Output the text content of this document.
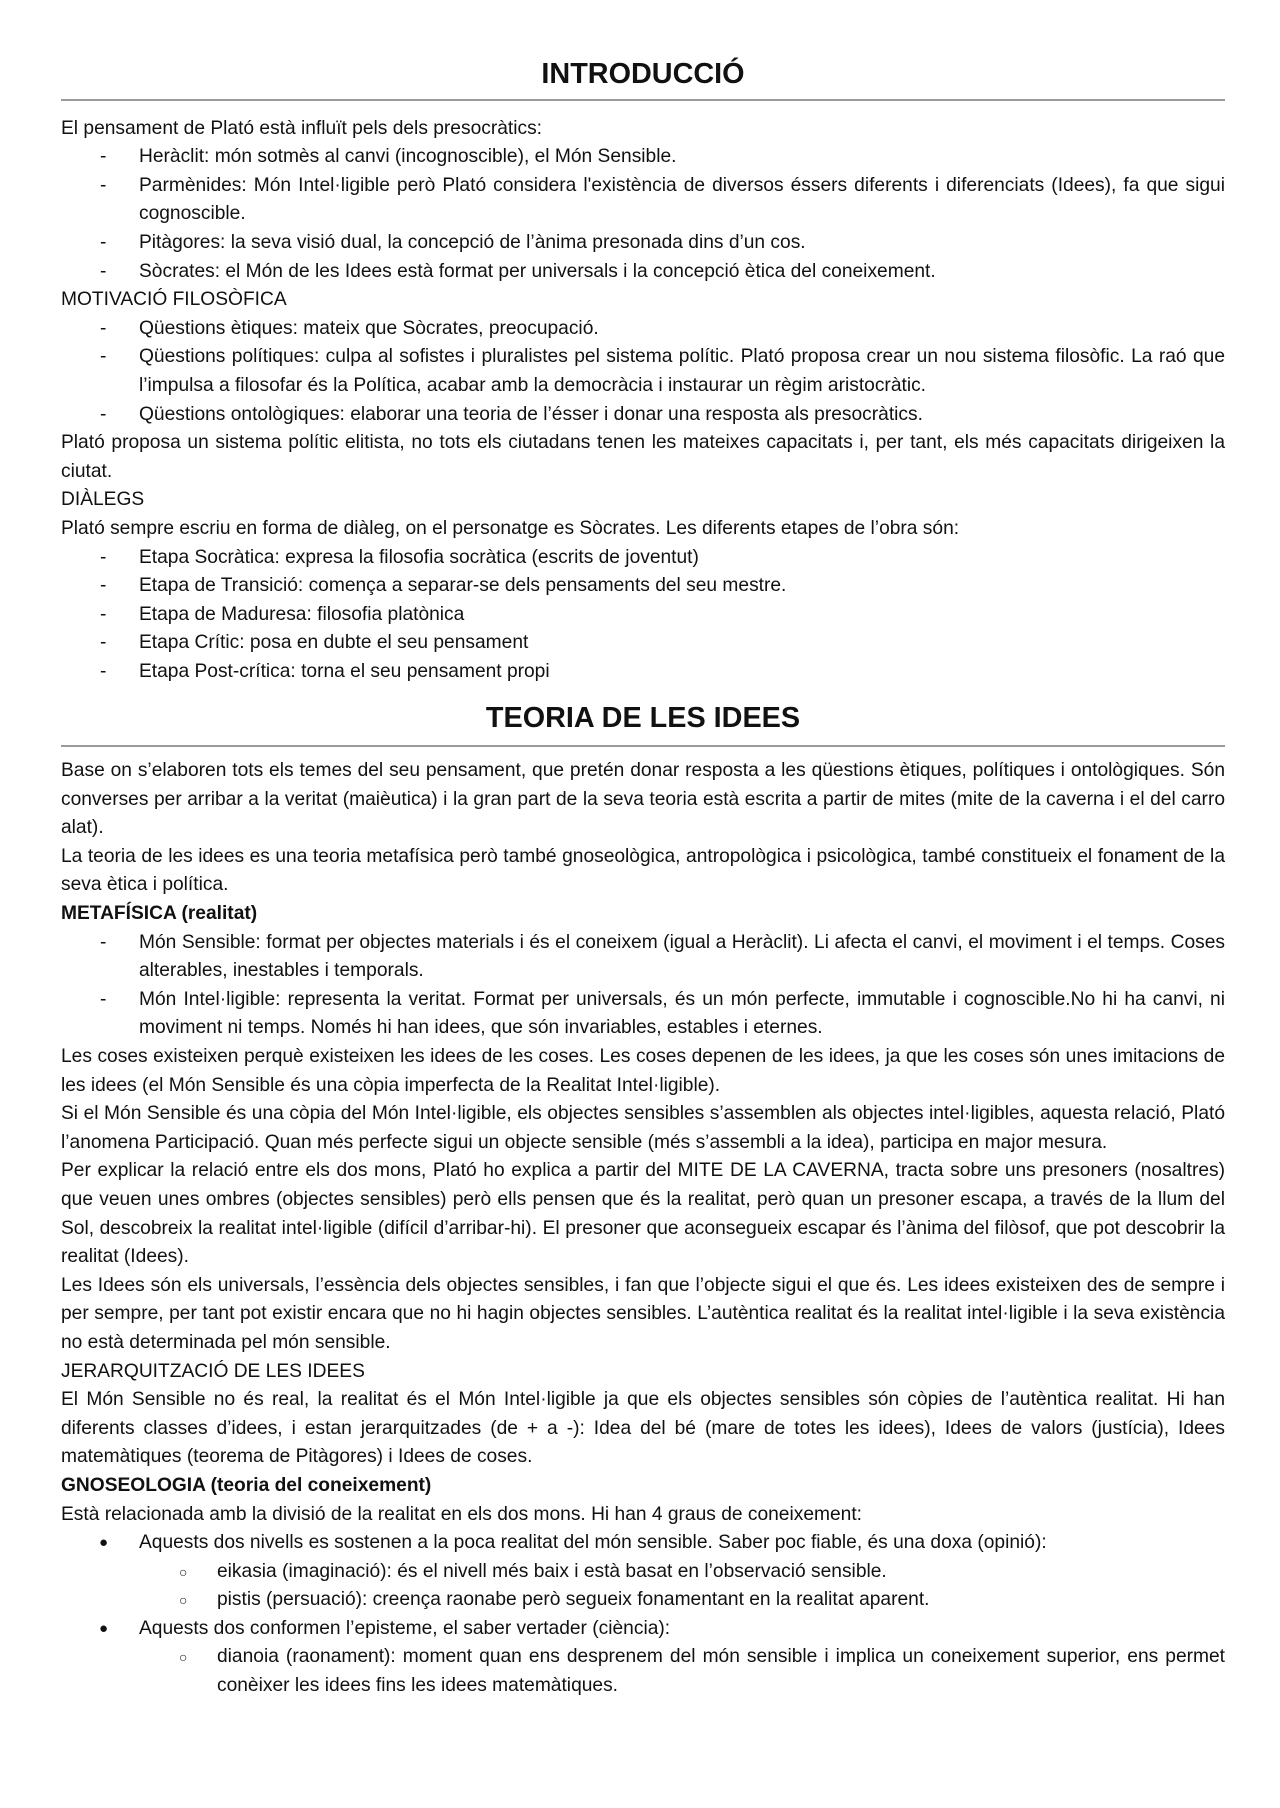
INTRODUCCIÓ

El pensament de Plató està influït pels dels presocràtics:

- Heràclit: món sotmès al canvi (incognoscible), el Món Sensible.
- Parmènides: Món Intel·ligible però Plató considera l'existència de diversos éssers diferents i diferenciats (Idees), fa que sigui cognoscible.
- Pitàgores: la seva visió dual, la concepció de l’ànima presonada dins d’un cos.
- Sòcrates: el Món de les Idees està format per universals i la concepció ètica del coneixement.

MOTIVACIÓ FILOSÒFICA

- Qüestions ètiques: mateix que Sòcrates, preocupació.
- Qüestions polítiques: culpa al sofistes i pluralistes pel sistema polític. Plató proposa crear un nou sistema filosòfic. La raó que l’impulsa a filosofar és la Política, acabar amb la democràcia i instaurar un règim aristocràtic.
- Qüestions ontològiques: elaborar una teoria de l’ésser i donar una resposta als presocràtics.

Plató proposa un sistema polític elitista, no tots els ciutadans tenen les mateixes capacitats i, per tant, els més capacitats dirigeixen la ciutat.

DIÀLEGS

Plató sempre escriu en forma de diàleg, on el personatge es Sòcrates. Les diferents etapes de l’obra són:

- Etapa Socràtica: expresa la filosofia socràtica (escrits de joventut)
- Etapa de Transició: comença a separar-se dels pensaments del seu mestre.
- Etapa de Maduresa: filosofia platònica
- Etapa Crític: posa en dubte el seu pensament
- Etapa Post-crítica: torna el seu pensament propi
TEORIA DE LES IDEES

Base on s’elaboren tots els temes del seu pensament, que pretén donar resposta a les qüestions ètiques, polítiques i ontològiques. Són converses per arribar a la veritat (maièutica) i la gran part de la seva teoria està escrita a partir de mites (mite de la caverna i el del carro alat).

La teoria de les idees es una teoria metafísica però també gnoseològica, antropològica i psicològica, també constitueix el fonament de la seva ètica i política.

METAFÍSICA (realitat)

- Món Sensible: format per objectes materials i és el coneixem (igual a Heràclit). Li afecta el canvi, el moviment i el temps. Coses alterables, inestables i temporals.
- Món Intel·ligible: representa la veritat. Format per universals, és un món perfecte, immutable i cognoscible.No hi ha canvi, ni moviment ni temps. Només hi han idees, que són invariables, estables i eternes.

Les coses existeixen perquè existeixen les idees de les coses. Les coses depenen de les idees, ja que les coses són unes imitacions de les idees (el Món Sensible és una còpia imperfecta de la Realitat Intel·ligible).

Si el Món Sensible és una còpia del Món Intel·ligible, els objectes sensibles s’assemblen als objectes intel·ligibles, aquesta relació, Plató l’anomena Participació. Quan més perfecte sigui un objecte sensible (més s’assembli a la idea), participa en major mesura.

Per explicar la relació entre els dos mons, Plató ho explica a partir del MITE DE LA CAVERNA, tracta sobre uns presoners (nosaltres) que veuen unes ombres (objectes sensibles) però ells pensen que és la realitat, però quan un presoner escapa, a través de la llum del Sol, descobreix la realitat intel·ligible (difícil d’arribar-hi). El presoner que aconsegueix escapar és l’ànima del filòsof, que pot descobrir la realitat (Idees).

Les Idees són els universals, l’essència dels objectes sensibles, i fan que l’objecte sigui el que és. Les idees existeixen des de sempre i per sempre, per tant pot existir encara que no hi hagin objectes sensibles. L’autèntica realitat és la realitat intel·ligible i la seva existència no està determinada pel món sensible.

JERARQUITZACIÓ DE LES IDEES

El Món Sensible no és real, la realitat és el Món Intel·ligible ja que els objectes sensibles són còpies de l’autèntica realitat. Hi han diferents classes d’idees, i estan jerarquitzades (de + a -): Idea del bé (mare de totes les idees), Idees de valors (justícia), Idees matemàtiques (teorema de Pitàgores) i Idees de coses.

GNOSEOLOGIA (teoria del coneixement)

Està relacionada amb la divisió de la realitat en els dos mons. Hi han 4 graus de coneixement:

● Aquests dos nivells es sostenen a la poca realitat del món sensible. Saber poc fiable, és una doxa (opinió):
○ eikasia (imaginació): és el nivell més baix i està basat en l’observació sensible.
○ pistis (persuació): creença raonabe però segueix fonamentant en la realitat aparent.
● Aquests dos conformen l’episteme, el saber vertader (ciència):
○ dianoia (raonament): moment quan ens desprenem del món sensible i implica un coneixement superior, ens permet conèixer les idees fins les idees matemàtiques.
